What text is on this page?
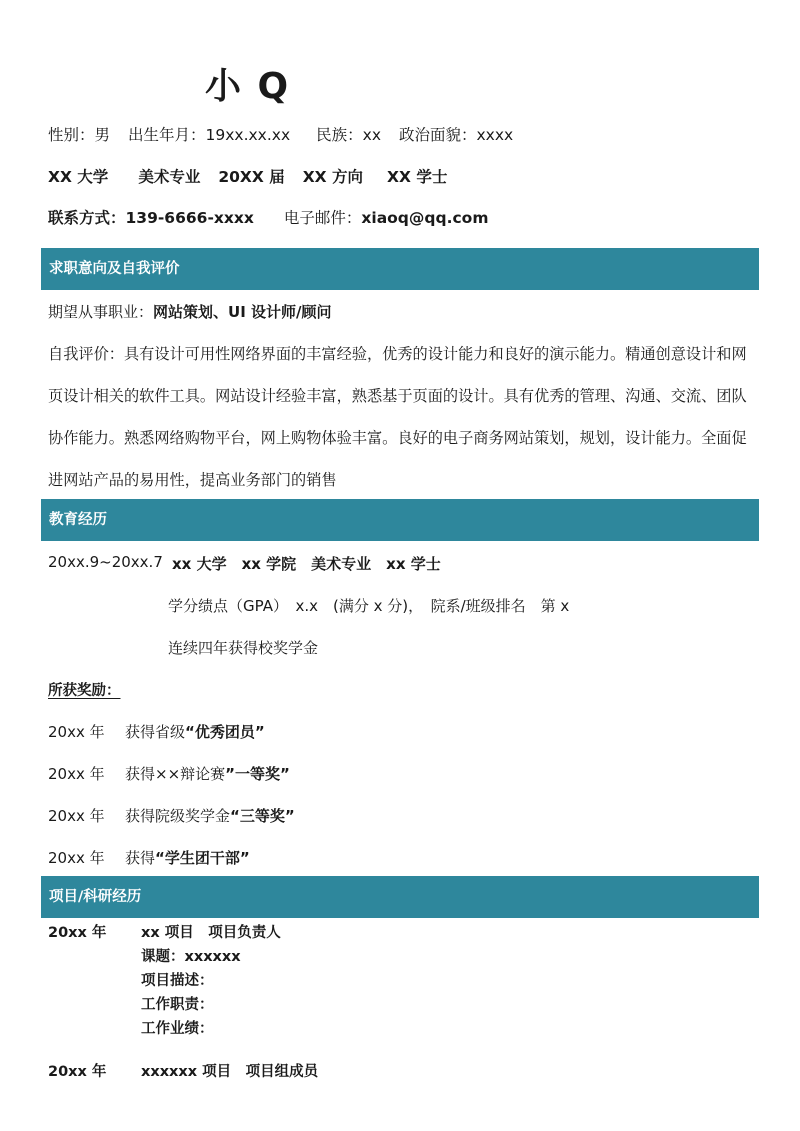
小 Q
性别：男 出生年月：19xx.xx.xx 民族：xx 政治面貌：xxxx
XX 大学 美术专业 20XX 届 XX 方向 XX 学士
联系方式：139-6666-xxxx 电子邮件：xiaoq@qq.com
求职意向及自我评价
期望从事职业：网站策划、UI 设计师/顾问
自我评价：具有设计可用性网络界面的丰富经验，优秀的设计能力和良好的演示能力。精通创意设计和网页设计相关的软件工具。网站设计经验丰富，熟悉基于页面的设计。具有优秀的管理、沟通、交流、团队协作能力。熟悉网络购物平台，网上购物体验丰富。良好的电子商务网站策划，规划，设计能力。全面促进网站产品的易用性，提高业务部门的销售
教育经历
20xx.9~20xx.7 xx 大学　xx 学院　美术专业　xx 学士
学分绩点（GPA）　x.x　(满分 x 分)，　院系/班级排名　第 x
连续四年获得校奖学金
所获奖励：
20xx 年 获得省级“优秀团员”
20xx 年 获得××辩论赛”一等奖”
20xx 年 获得院级奖学金“三等奖”
20xx 年 获得“学生团干部”
项目/科研经历
20xx 年 xx 项目　项目负责人
课题：xxxxxx
项目描述：
工作职责：
工作业绩：
20xx 年 xxxxxx 项目　项目组成员
